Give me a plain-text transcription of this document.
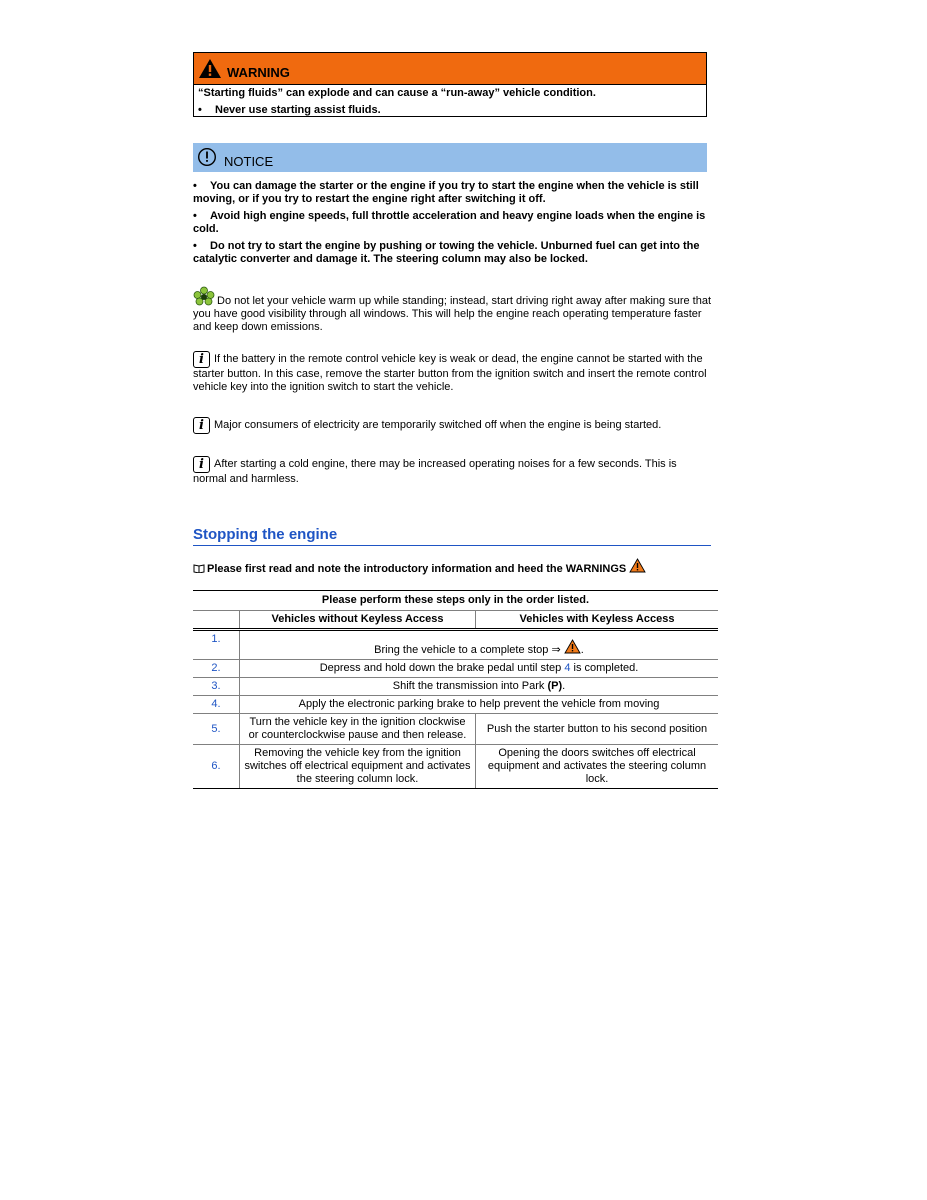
WARNING
“Starting fluids” can explode and can cause a “run-away” vehicle condition.
• Never use starting assist fluids.
NOTICE
• You can damage the starter or the engine if you try to start the engine when the vehicle is still moving, or if you try to restart the engine right after switching it off.
• Avoid high engine speeds, full throttle acceleration and heavy engine loads when the engine is cold.
• Do not try to start the engine by pushing or towing the vehicle. Unburned fuel can get into the catalytic converter and damage it. The steering column may also be locked.
Do not let your vehicle warm up while standing; instead, start driving right away after making sure that you have good visibility through all windows. This will help the engine reach operating temperature faster and keep down emissions.
i If the battery in the remote control vehicle key is weak or dead, the engine cannot be started with the starter button. In this case, remove the starter button from the ignition switch and insert the remote control vehicle key into the ignition switch to start the vehicle.
i Major consumers of electricity are temporarily switched off when the engine is being started.
i After starting a cold engine, there may be increased operating noises for a few seconds. This is normal and harmless.
Stopping the engine
Please first read and note the introductory information and heed the WARNINGS
Please perform these steps only in the order listed.		
	Vehicles without Keyless Access	Vehicles with Keyless Access
1.	Bring the vehicle to a complete stop ⇒ .	
2.	Depress and hold down the brake pedal until step 4 is completed.	
3.	Shift the transmission into Park (P).	
4.	Apply the electronic parking brake to help prevent the vehicle from moving	
5.	Turn the vehicle key in the ignition clockwise or counterclockwise pause and then release.	Push the starter button to his second position
6.	Removing the vehicle key from the ignition switches off electrical equipment and activates the steering column lock.	Opening the doors switches off electrical equipment and activates the steering column lock.
